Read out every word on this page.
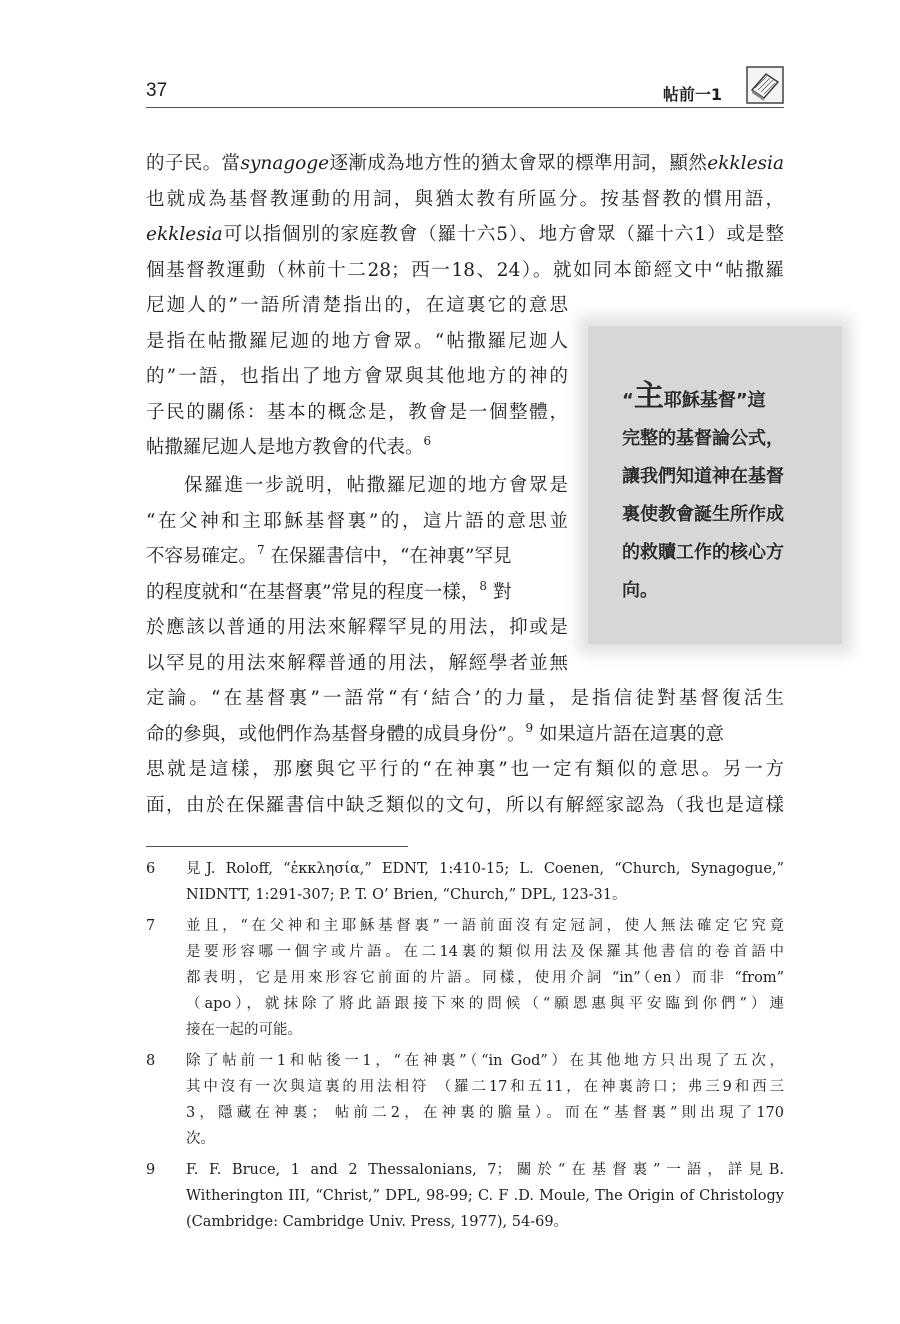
37	帖前一1
的子民。當synagoge逐漸成為地方性的猶太會眾的標準用詞，顯然ekklesia
也就成為基督教運動的用詞，與猶太教有所區分。按基督教的慣用語，
ekklesia可以指個別的家庭教會（羅十六5）、地方會眾（羅十六1）或是整
個基督教運動（林前十二28；西一18、24）。就如同本節經文中“帖撒羅
尼迦人的”一語所清楚指出的，在這裏它的意思
是指在帖撒羅尼迦的地方會眾。“帖撒羅尼迦人
的”一語，也指出了地方會眾與其他地方的神的
子民的關係：基本的概念是，教會是一個整體，
帖撒羅尼迦人是地方教會的代表。$^6$
保羅進一步説明，帖撒羅尼迦的地方會眾是
“在父神和主耶穌基督裏”的，這片語的意思並
不容易確定。$^7$ 在保羅書信中，“在神裏”罕見
的程度就和“在基督裏”常見的程度一樣，$^8$ 對
於應該以普通的用法來解釋罕見的用法，抑或是
以罕見的用法來解釋普通的用法，解經學者並無
定論。“在基督裏”一語常“有‘結合’的力量，是指信徒對基督復活生
命的參與，或他們作為基督身體的成員身份”。$^9$ 如果這片語在這裏的意
思就是這樣，那麼與它平行的“在神裏”也一定有類似的意思。另一方
面，由於在保羅書信中缺乏類似的文句，所以有解經家認為（我也是這樣
“主耶穌基督”這
完整的基督論公式，
讓我們知道神在基督
裏使教會誕生所作成
的救贖工作的核心方
向。
6 見J. Roloff, “ἐκκλησία,” EDNT, 1:410-15; L. Coenen, “Church, Synagogue,”
NIDNTT, 1:291-307; P. T. O’ Brien, “Church,” DPL, 123-31。
7 並且，“在父神和主耶穌基督裏”一語前面沒有定冠詞，使人無法確定它究竟
是要形容哪一個字或片語。在二14裏的類似用法及保羅其他書信的卷首語中
都表明，它是用來形容它前面的片語。同樣，使用介詞 “in”（en）而非 “from”
（apo），就抹除了將此語跟接下來的問候（“願恩惠與平安臨到你們”）連
接在一起的可能。
8 除了帖前一1和帖後一1，“在神裏”（“in God”）在其他地方只出現了五次，
其中沒有一次與這裏的用法相符 （羅二17和五11，在神裏誇口；弗三9和西三
3，隱藏在神裏； 帖前二2，在神裏的膽量）。而在“基督裏”則出現了170
次。
9 F. F. Bruce, 1 and 2 Thessalonians, 7；關於“在基督裏”一語，詳見B.
Witherington III, “Christ,” DPL, 98-99; C. F .D. Moule, The Origin of Christology
(Cambridge: Cambridge Univ. Press, 1977), 54-69。
